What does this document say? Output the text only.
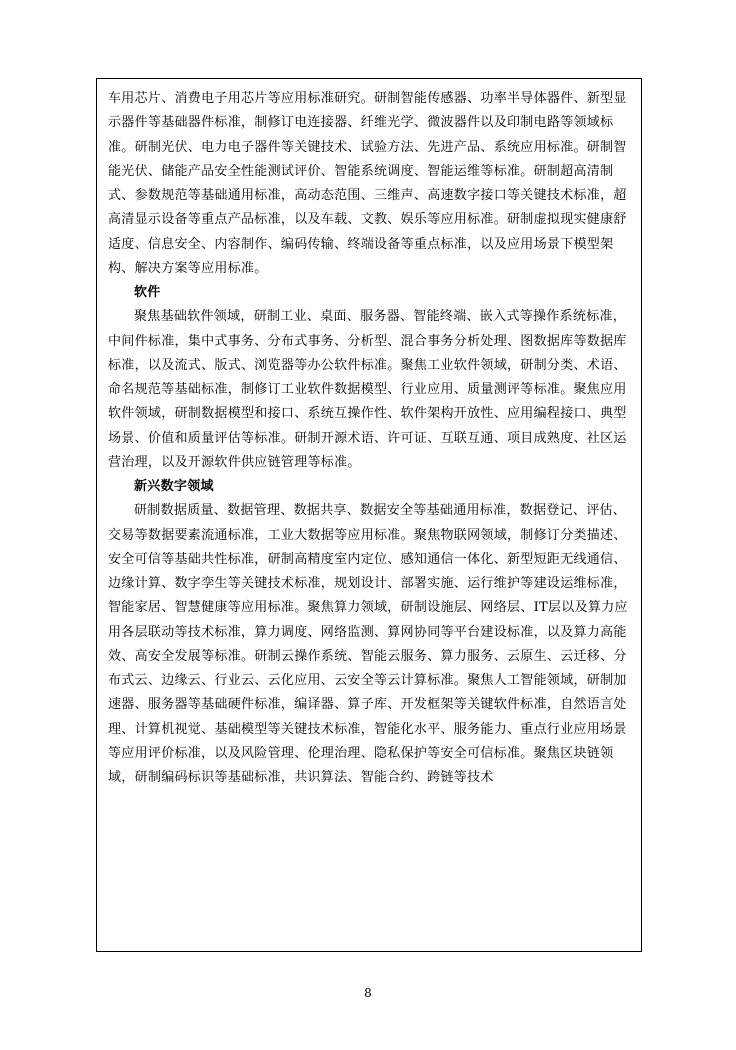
车用芯片、消费电子用芯片等应用标准研究。研制智能传感器、功率半导体器件、新型显示器件等基础器件标准，制修订电连接器、纤维光学、微波器件以及印制电路等领域标准。研制光伏、电力电子器件等关键技术、试验方法、先进产品、系统应用标准。研制智能光伏、储能产品安全性能测试评价、智能系统调度、智能运维等标准。研制超高清制式、参数规范等基础通用标准，高动态范围、三维声、高速数字接口等关键技术标准，超高清显示设备等重点产品标准，以及车载、文教、娱乐等应用标准。研制虚拟现实健康舒适度、信息安全、内容制作、编码传输、终端设备等重点标准，以及应用场景下模型架构、解决方案等应用标准。

软件

聚焦基础软件领域，研制工业、桌面、服务器、智能终端、嵌入式等操作系统标准，中间件标准，集中式事务、分布式事务、分析型、混合事务分析处理、图数据库等数据库标准，以及流式、版式、浏览器等办公软件标准。聚焦工业软件领域，研制分类、术语、命名规范等基础标准，制修订工业软件数据模型、行业应用、质量测评等标准。聚焦应用软件领域，研制数据模型和接口、系统互操作性、软件架构开放性、应用编程接口、典型场景、价值和质量评估等标准。研制开源术语、许可证、互联互通、项目成熟度、社区运营治理，以及开源软件供应链管理等标准。

新兴数字领域

研制数据质量、数据管理、数据共享、数据安全等基础通用标准，数据登记、评估、交易等数据要素流通标准，工业大数据等应用标准。聚焦物联网领域，制修订分类描述、安全可信等基础共性标准，研制高精度室内定位、感知通信一体化、新型短距无线通信、边缘计算、数字孪生等关键技术标准，规划设计、部署实施、运行维护等建设运维标准，智能家居、智慧健康等应用标准。聚焦算力领域，研制设施层、网络层、IT层以及算力应用各层联动等技术标准，算力调度、网络监测、算网协同等平台建设标准，以及算力高能效、高安全发展等标准。研制云操作系统、智能云服务、算力服务、云原生、云迁移、分布式云、边缘云、行业云、云化应用、云安全等云计算标准。聚焦人工智能领域，研制加速器、服务器等基础硬件标准，编译器、算子库、开发框架等关键软件标准，自然语言处理、计算机视觉、基础模型等关键技术标准，智能化水平、服务能力、重点行业应用场景等应用评价标准，以及风险管理、伦理治理、隐私保护等安全可信标准。聚焦区块链领域，研制编码标识等基础标准，共识算法、智能合约、跨链等技术

8
